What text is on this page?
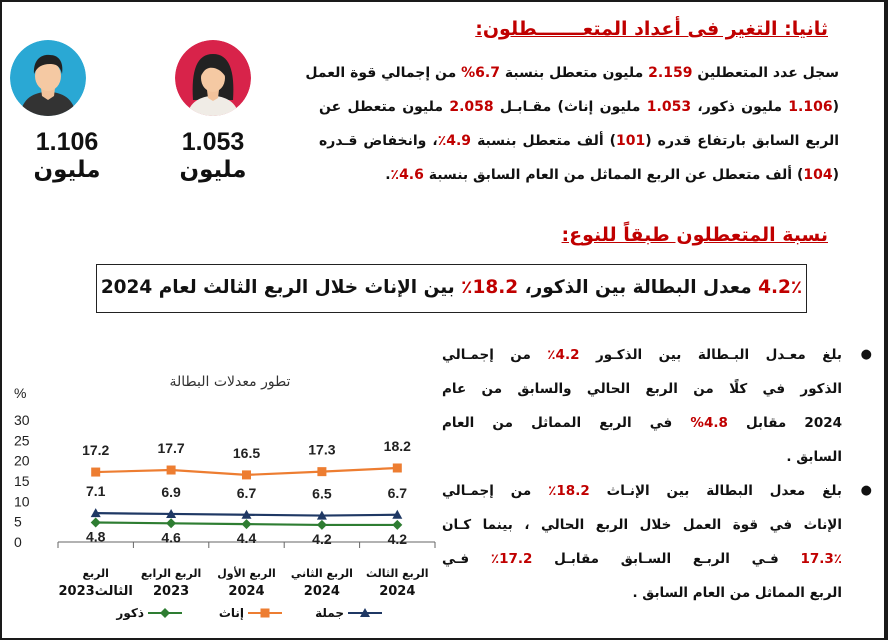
ثانيا: التغير فى أعداد المتعـــــــطلون:
سجل عدد المتعطلين 2.159 مليون متعطل بنسبة 6.7% من إجمالي قوة العمل
(1.106 مليون ذكور، 1.053 مليون إناث) مقـابـل 2.058 مليون متعطل عن
الربع السابق بارتفاع قدره (101) ألف متعطل بنسبة 4.9٪، وانخفاض قـدره
(104) ألف متعطل عن الربع المماثل من العام السابق بنسبة 4.6٪.
1.106
مليون
1.053
مليون
نسبة المتعطلون طبقاً للنوع:
4.2٪ معدل البطالة بين الذكور، 18.2٪ بين الإناث خلال الربع الثالث لعام 2024
●
بلغ معـدل البـطالة بين الذكـور 4.2٪ من إجمـالي
الذكور في كلًا من الربع الحالي والسابق من عام
2024 مقابل 4.8% في الربع المماثل من العام
السابق .
●
بلغ معدل البطالة بين الإنـاث 18.2٪ من إجمـالي
الإناث في قوة العمل خلال الربع الحالي ، بينما كـان
17.3٪ فـي الربـع السـابق مقابـل 17.2٪ فـي
الربع المماثل من العام السابق .
تطور معدلات البطالة
%
0
5
10
15
20
25
30
الربع الثالث
2024
الربع الثاني
2024
الربع الأول
2024
الربع الرابع
2023
الربع
الثالث2023
18.2
17.3
16.5
17.7
17.2
6.7
6.5
6.7
6.9
7.1
4.2
4.2
4.4
4.6
4.8
جملة
إناث
ذكور
